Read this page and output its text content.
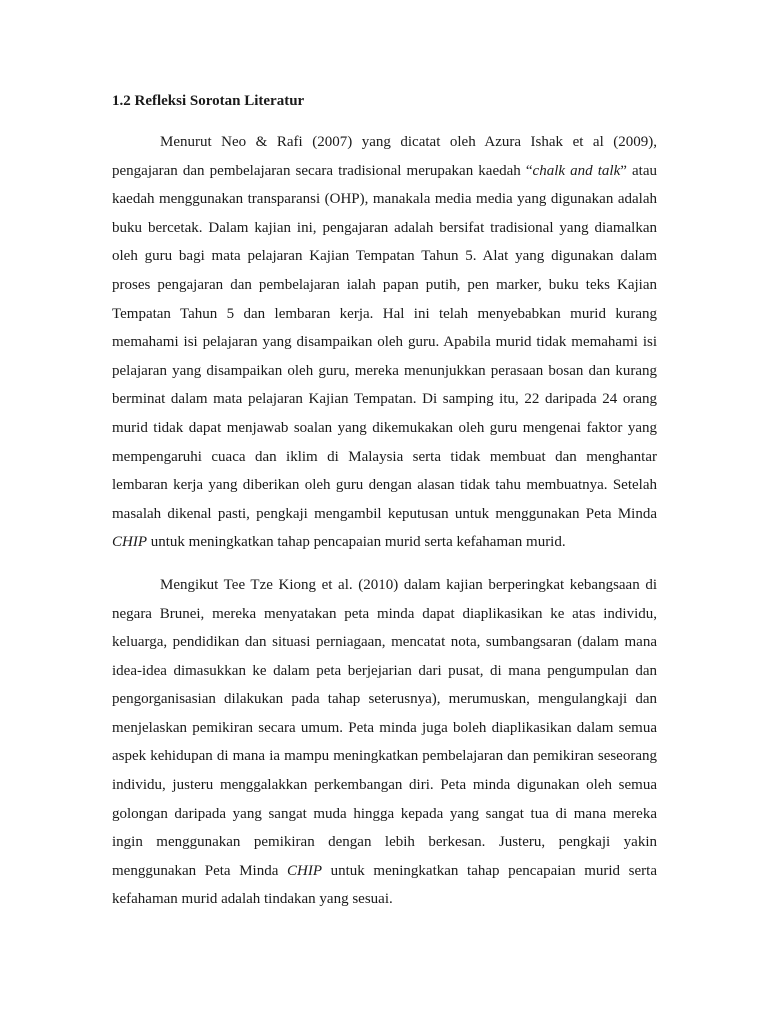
1.2 Refleksi Sorotan Literatur

Menurut Neo & Rafi (2007) yang dicatat oleh Azura Ishak et al (2009), pengajaran dan pembelajaran secara tradisional merupakan kaedah “chalk and talk” atau kaedah menggunakan transparansi (OHP), manakala media media yang digunakan adalah buku bercetak. Dalam kajian ini, pengajaran adalah bersifat tradisional yang diamalkan oleh guru bagi mata pelajaran Kajian Tempatan Tahun 5. Alat yang digunakan dalam proses pengajaran dan pembelajaran ialah papan putih, pen marker, buku teks Kajian Tempatan Tahun 5 dan lembaran kerja. Hal ini telah menyebabkan murid kurang memahami isi pelajaran yang disampaikan oleh guru. Apabila murid tidak memahami isi pelajaran yang disampaikan oleh guru, mereka menunjukkan perasaan bosan dan kurang berminat dalam mata pelajaran Kajian Tempatan. Di samping itu, 22 daripada 24 orang murid tidak dapat menjawab soalan yang dikemukakan oleh guru mengenai faktor yang mempengaruhi cuaca dan iklim di Malaysia serta tidak membuat dan menghantar lembaran kerja yang diberikan oleh guru dengan alasan tidak tahu membuatnya. Setelah masalah dikenal pasti, pengkaji mengambil keputusan untuk menggunakan Peta Minda CHIP untuk meningkatkan tahap pencapaian murid serta kefahaman murid.

Mengikut Tee Tze Kiong et al. (2010) dalam kajian berperingkat kebangsaan di negara Brunei, mereka menyatakan peta minda dapat diaplikasikan ke atas individu, keluarga, pendidikan dan situasi perniagaan, mencatat nota, sumbangsaran (dalam mana idea-idea dimasukkan ke dalam peta berjejarian dari pusat, di mana pengumpulan dan pengorganisasian dilakukan pada tahap seterusnya), merumuskan, mengulangkaji dan menjelaskan pemikiran secara umum. Peta minda juga boleh diaplikasikan dalam semua aspek kehidupan di mana ia mampu meningkatkan pembelajaran dan pemikiran seseorang individu, justeru menggalakkan perkembangan diri. Peta minda digunakan oleh semua golongan daripada yang sangat muda hingga kepada yang sangat tua di mana mereka ingin menggunakan pemikiran dengan lebih berkesan. Justeru, pengkaji yakin menggunakan Peta Minda CHIP untuk meningkatkan tahap pencapaian murid serta kefahaman murid adalah tindakan yang sesuai.
